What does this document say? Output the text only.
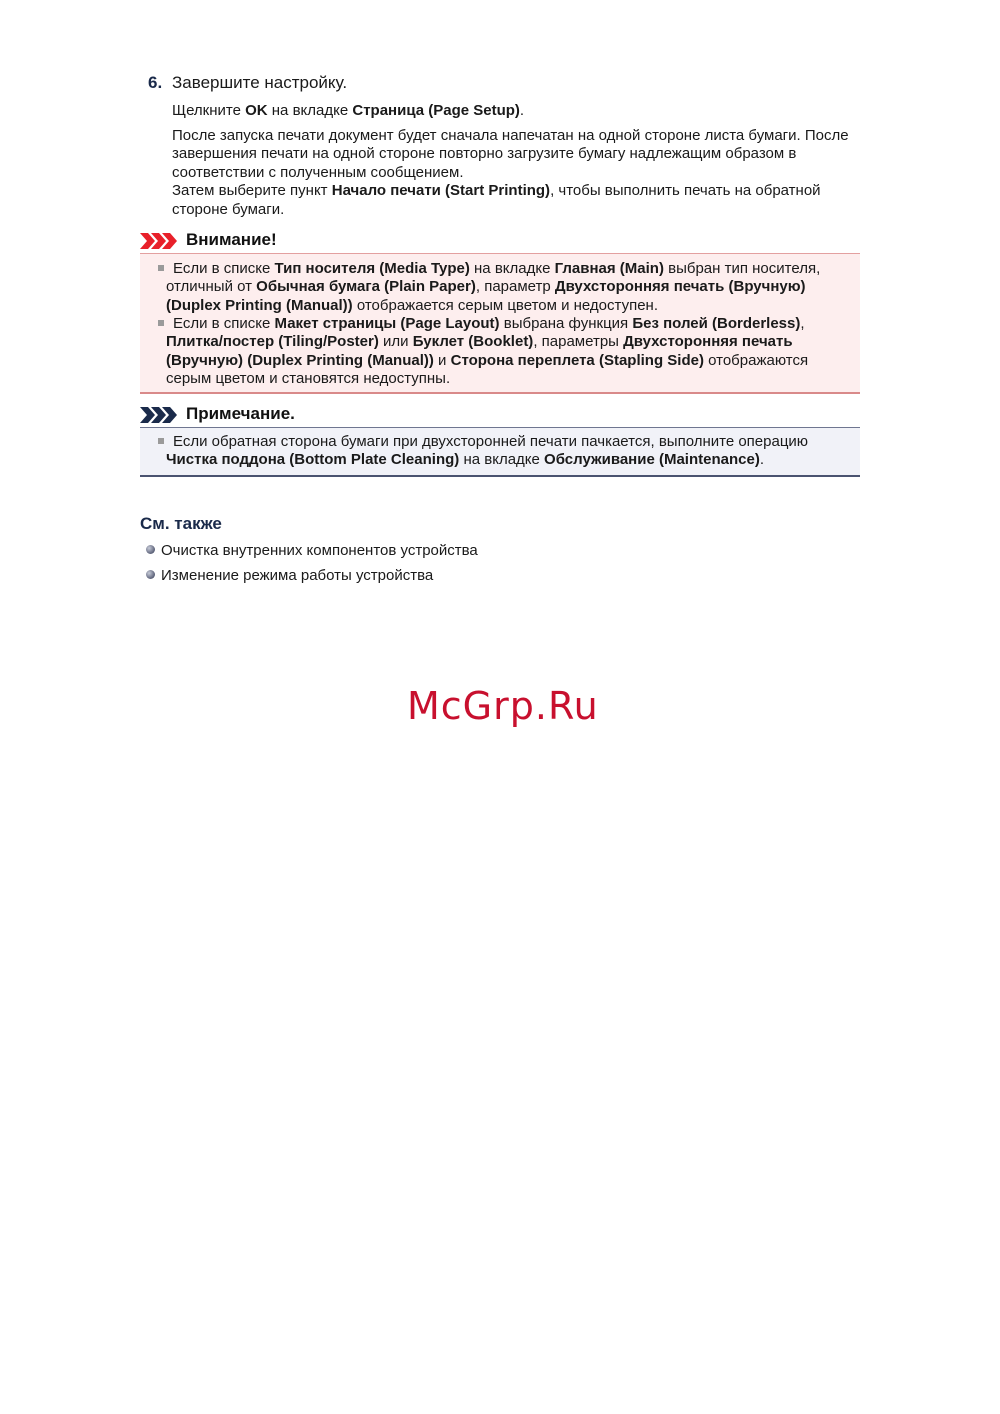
6. Завершите настройку.
Щелкните OK на вкладке Страница (Page Setup).
После запуска печати документ будет сначала напечатан на одной стороне листа бумаги. После
завершения печати на одной стороне повторно загрузите бумагу надлежащим образом в
соответствии с полученным сообщением.
Затем выберите пункт Начало печати (Start Printing), чтобы выполнить печать на обратной
стороне бумаги.
Внимание!
Если в списке Тип носителя (Media Type) на вкладке Главная (Main) выбран тип носителя,
отличный от Обычная бумага (Plain Paper), параметр Двухсторонняя печать (Вручную)
(Duplex Printing (Manual)) отображается серым цветом и недоступен.
Если в списке Макет страницы (Page Layout) выбрана функция Без полей (Borderless),
Плитка/постер (Tiling/Poster) или Буклет (Booklet), параметры Двухсторонняя печать
(Вручную) (Duplex Printing (Manual)) и Сторона переплета (Stapling Side) отображаются
серым цветом и становятся недоступны.
Примечание.
Если обратная сторона бумаги при двухсторонней печати пачкается, выполните операцию
Чистка поддона (Bottom Plate Cleaning) на вкладке Обслуживание (Maintenance).
См. также
Очистка внутренних компонентов устройства
Изменение режима работы устройства
McGrp.Ru
